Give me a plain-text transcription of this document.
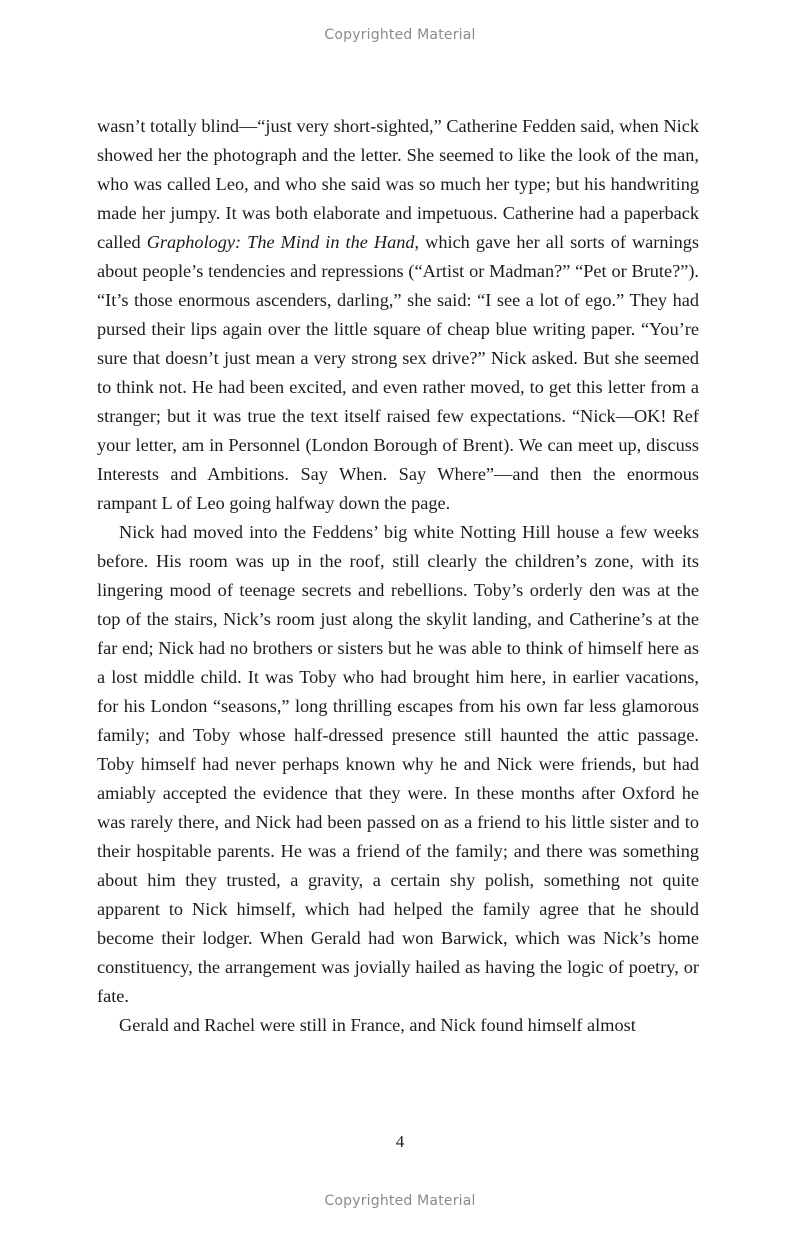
Copyrighted Material

wasn’t totally blind—“just very short-sighted,” Catherine Fedden said, when Nick showed her the photograph and the letter. She seemed to like the look of the man, who was called Leo, and who she said was so much her type; but his handwriting made her jumpy. It was both elaborate and impetuous. Catherine had a paperback called Graphology: The Mind in the Hand, which gave her all sorts of warnings about people’s tendencies and repressions (“Artist or Madman?” “Pet or Brute?”). “It’s those enormous ascenders, darling,” she said: “I see a lot of ego.” They had pursed their lips again over the little square of cheap blue writing paper. “You’re sure that doesn’t just mean a very strong sex drive?” Nick asked. But she seemed to think not. He had been excited, and even rather moved, to get this letter from a stranger; but it was true the text itself raised few expectations. “Nick—OK! Ref your letter, am in Personnel (London Borough of Brent). We can meet up, discuss Interests and Ambitions. Say When. Say Where”—and then the enormous rampant L of Leo going halfway down the page.

Nick had moved into the Feddens’ big white Notting Hill house a few weeks before. His room was up in the roof, still clearly the children’s zone, with its lingering mood of teenage secrets and rebellions. Toby’s orderly den was at the top of the stairs, Nick’s room just along the skylit landing, and Catherine’s at the far end; Nick had no brothers or sisters but he was able to think of himself here as a lost middle child. It was Toby who had brought him here, in earlier vacations, for his London “seasons,” long thrilling escapes from his own far less glamorous family; and Toby whose half-dressed presence still haunted the attic passage. Toby himself had never perhaps known why he and Nick were friends, but had amiably accepted the evidence that they were. In these months after Oxford he was rarely there, and Nick had been passed on as a friend to his little sister and to their hospitable parents. He was a friend of the family; and there was something about him they trusted, a gravity, a certain shy polish, something not quite apparent to Nick himself, which had helped the family agree that he should become their lodger. When Gerald had won Barwick, which was Nick’s home constituency, the arrangement was jovially hailed as having the logic of poetry, or fate.

Gerald and Rachel were still in France, and Nick found himself almost

4
Copyrighted Material
